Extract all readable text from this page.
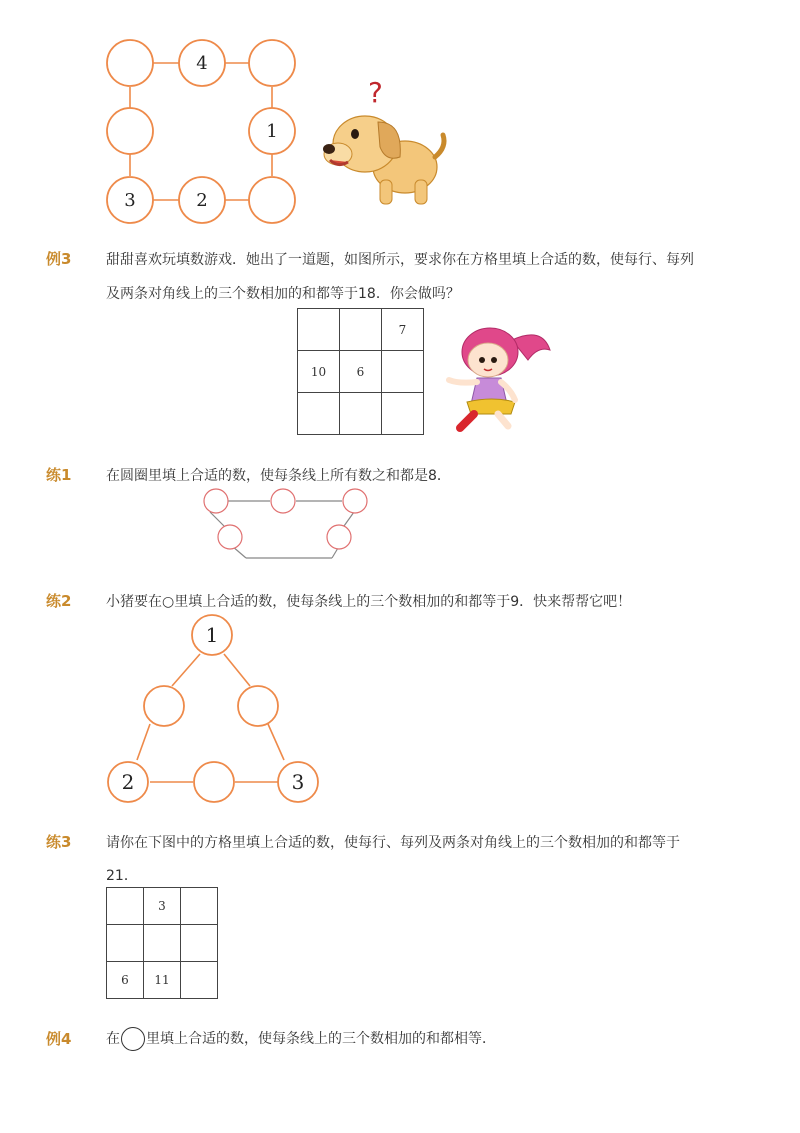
4
1
3	2
?
例3 甜甜喜欢玩填数游戏．她出了一道题，如图所示，要求你在方格里填上合适的数，使每行、每列
及两条对角线上的三个数相加的和都等于18．你会做吗？
		7
10	6	

练1 在圆圈里填上合适的数，使每条线上所有数之和都是8．
练2 小猪要在○里填上合适的数，使每条线上的三个数相加的和都等于9．快来帮帮它吧！
1
2	3
练3 请你在下图中的方格里填上合适的数，使每行、每列及两条对角线上的三个数相加的和都等于
21．
	3	

6	11	
例4 在 里填上合适的数，使每条线上的三个数相加的和都相等．
